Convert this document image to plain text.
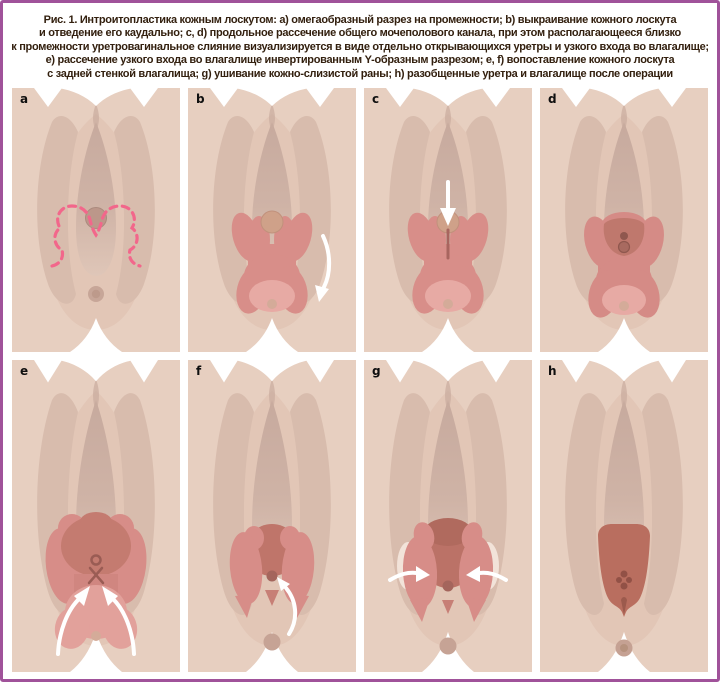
Рис. 1. Интроитопластика кожным лоскутом: a) омегаобразный разрез на промежности; b) выкраивание кожного лоскута
и отведение его каудально; c, d) продольное рассечение общего мочеполового канала, при этом располагающееся близко
к промежности уретровагинальное слияние визуализируется в виде отдельно открывающихся уретры и узкого входа во влагалище;
e) рассечение узкого входа во влагалище инвертированным Y-образным разрезом; e, f) вопоставление кожного лоскута
с задней стенкой влагалища; g) ушивание кожно-слизистой раны; h) разобщенные уретра и влагалище после операции
a	b	c	d
e	f	g	h
